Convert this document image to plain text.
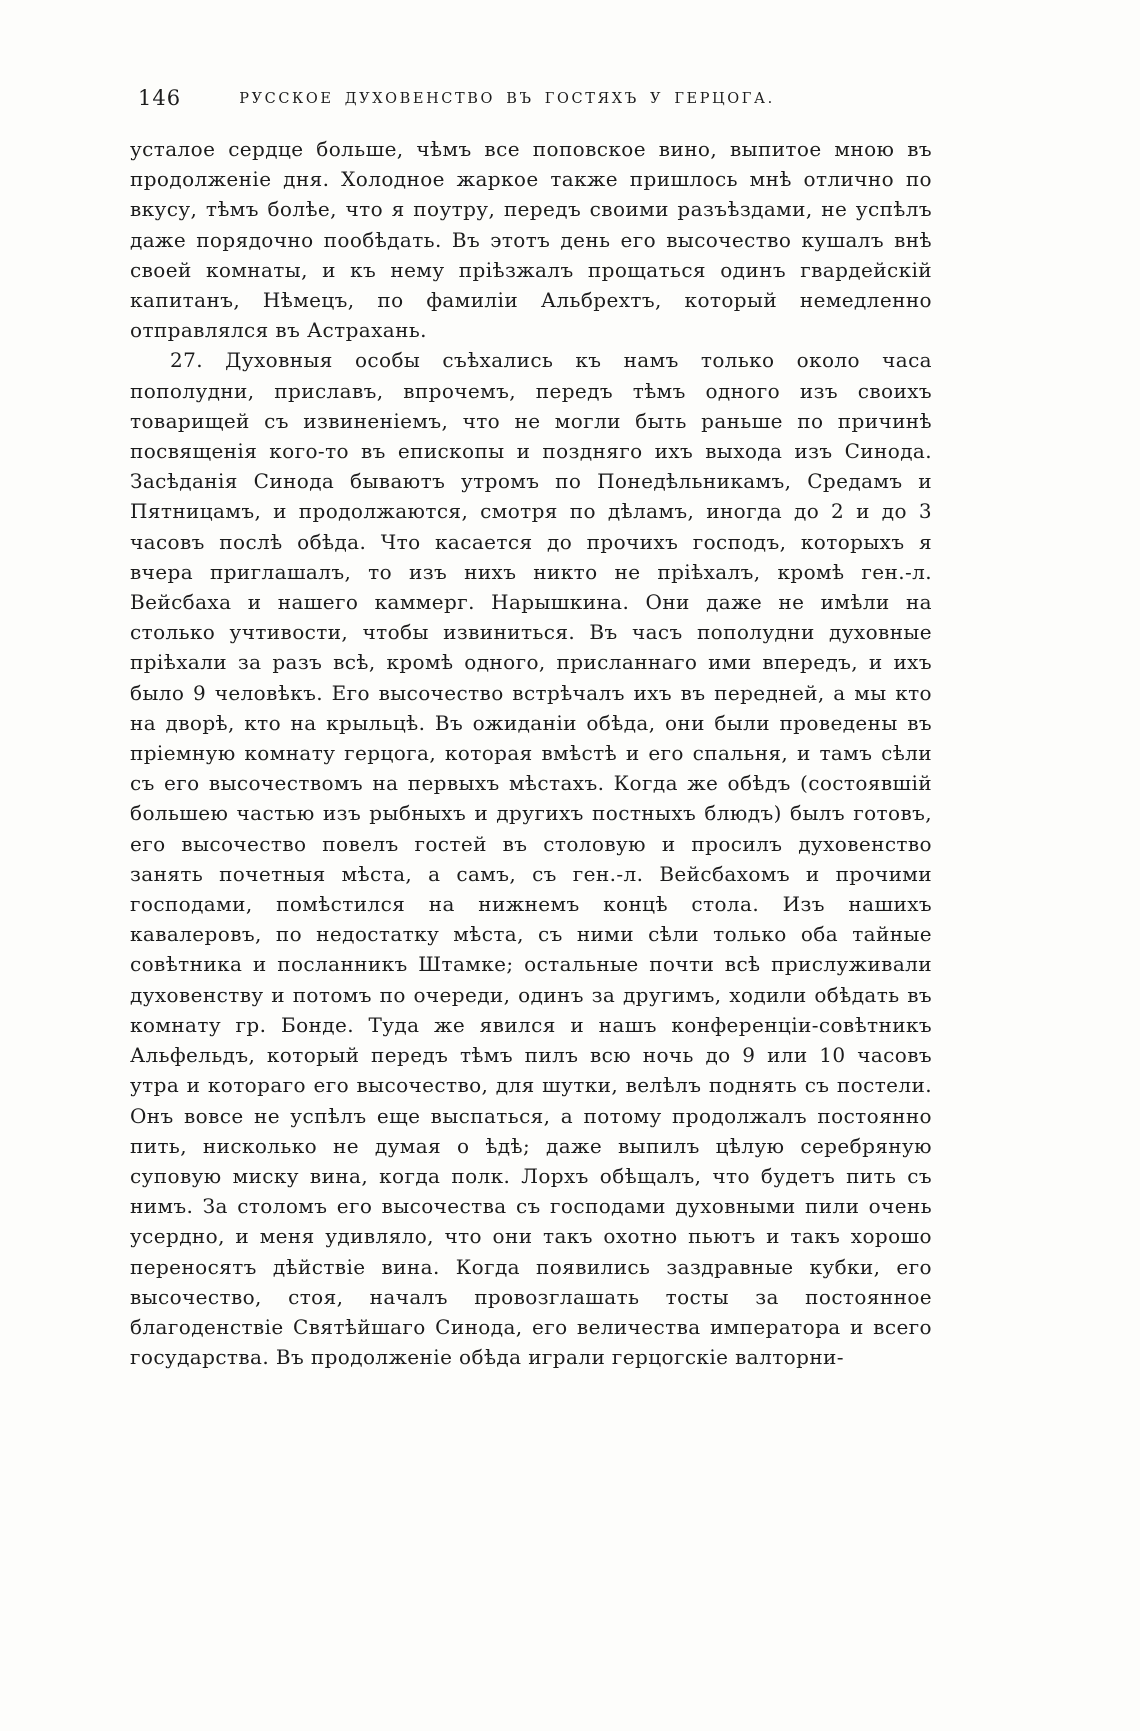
146	РУССКОЕ ДУХОВЕНСТВО ВЪ ГОСТЯХЪ У ГЕРЦОГА.

усталое сердце больше, чѣмъ все поповское вино, выпитое мною въ продолженіе дня. Холодное жаркое также пришлось мнѣ отлично по вкусу, тѣмъ болѣе, что я поутру, передъ своими разъѣздами, не успѣлъ даже порядочно пообѣдать. Въ этотъ день его высочество кушалъ внѣ своей комнаты, и къ нему пріѣзжалъ прощаться одинъ гвардейскій капитанъ, Нѣмецъ, по фамиліи Альбрехтъ, который немедленно отправлялся въ Астрахань.

27. Духовныя особы съѣхались къ намъ только около часа пополудни, приславъ, впрочемъ, передъ тѣмъ одного изъ своихъ товарищей съ извиненіемъ, что не могли быть раньше по причинѣ посвященія кого-то въ епископы и поздняго ихъ выхода изъ Синода. Засѣданія Синода бываютъ утромъ по Понедѣльникамъ, Средамъ и Пятницамъ, и продолжаются, смотря по дѣламъ, иногда до 2 и до 3 часовъ послѣ обѣда. Что касается до прочихъ господъ, которыхъ я вчера приглашалъ, то изъ нихъ никто не пріѣхалъ, кромѣ ген.-л. Вейсбаха и нашего каммерг. Нарышкина. Они даже не имѣли на столько учтивости, чтобы извиниться. Въ часъ пополудни духовные пріѣхали за разъ всѣ, кромѣ одного, присланнаго ими впередъ, и ихъ было 9 человѣкъ. Его высочество встрѣчалъ ихъ въ передней, а мы кто на дворѣ, кто на крыльцѣ. Въ ожиданіи обѣда, они были проведены въ пріемную комнату герцога, которая вмѣстѣ и его спальня, и тамъ сѣли съ его высочествомъ на первыхъ мѣстахъ. Когда же обѣдъ (состоявшій большею частью изъ рыбныхъ и другихъ постныхъ блюдъ) былъ готовъ, его высочество повелъ гостей въ столовую и просилъ духовенство занять почетныя мѣста, а самъ, съ ген.-л. Вейсбахомъ и прочими господами, помѣстился на нижнемъ концѣ стола. Изъ нашихъ кавалеровъ, по недостатку мѣста, съ ними сѣли только оба тайные совѣтника и посланникъ Штамке; остальные почти всѣ прислуживали духовенству и потомъ по очереди, одинъ за другимъ, ходили обѣдать въ комнату гр. Бонде. Туда же явился и нашъ конференціи-совѣтникъ Альфельдъ, который передъ тѣмъ пилъ всю ночь до 9 или 10 часовъ утра и котораго его высочество, для шутки, велѣлъ поднять съ постели. Онъ вовсе не успѣлъ еще выспаться, а потому продолжалъ постоянно пить, нисколько не думая о ѣдѣ; даже выпилъ цѣлую серебряную суповую миску вина, когда полк. Лорхъ обѣщалъ, что будетъ пить съ нимъ. За столомъ его высочества съ господами духовными пили очень усердно, и меня удивляло, что они такъ охотно пьютъ и такъ хорошо переносятъ дѣйствіе вина. Когда появились заздравные кубки, его высочество, стоя, началъ провозглашать тосты за постоянное благоденствіе Святѣйшаго Синода, его величества императора и всего государства. Въ продолженіе обѣда играли герцогскіе валторни-
